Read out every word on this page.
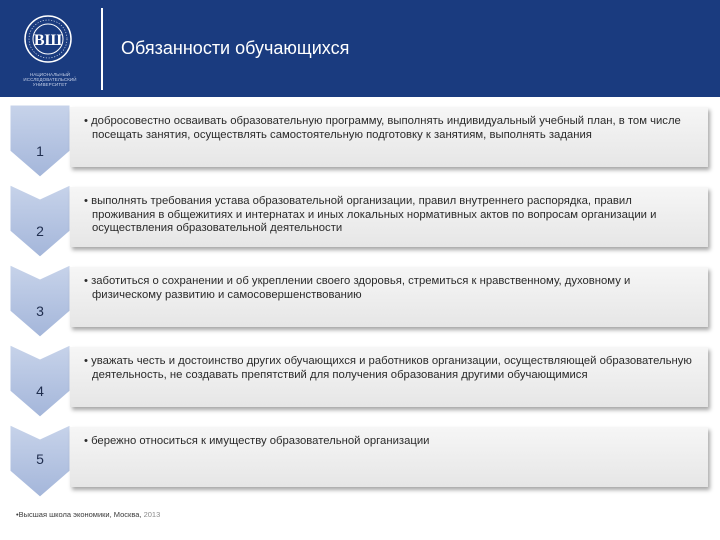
ВШ
НАЦИОНАЛЬНЫЙ ИССЛЕДОВАТЕЛЬСКИЙ УНИВЕРСИТЕТ
Обязанности обучающихся
1
• добросовестно осваивать образовательную программу, выполнять индивидуальный учебный план, в том числе посещать занятия, осуществлять самостоятельную подготовку к занятиям, выполнять задания
2
• выполнять требования устава образовательной организации, правил внутреннего распорядка, правил проживания в общежитиях и интернатах и иных локальных нормативных актов по вопросам организации и осуществления образовательной деятельности
3
• заботиться о сохранении и об укреплении своего здоровья, стремиться к нравственному, духовному и физическому развитию и самосовершенствованию
4
• уважать честь и достоинство других обучающихся и работников организации, осуществляющей образовательную деятельность, не создавать препятствий для получения образования другими обучающимися
5
• бережно относиться к имуществу образовательной организации
•Высшая школа экономики, Москва, 2013
